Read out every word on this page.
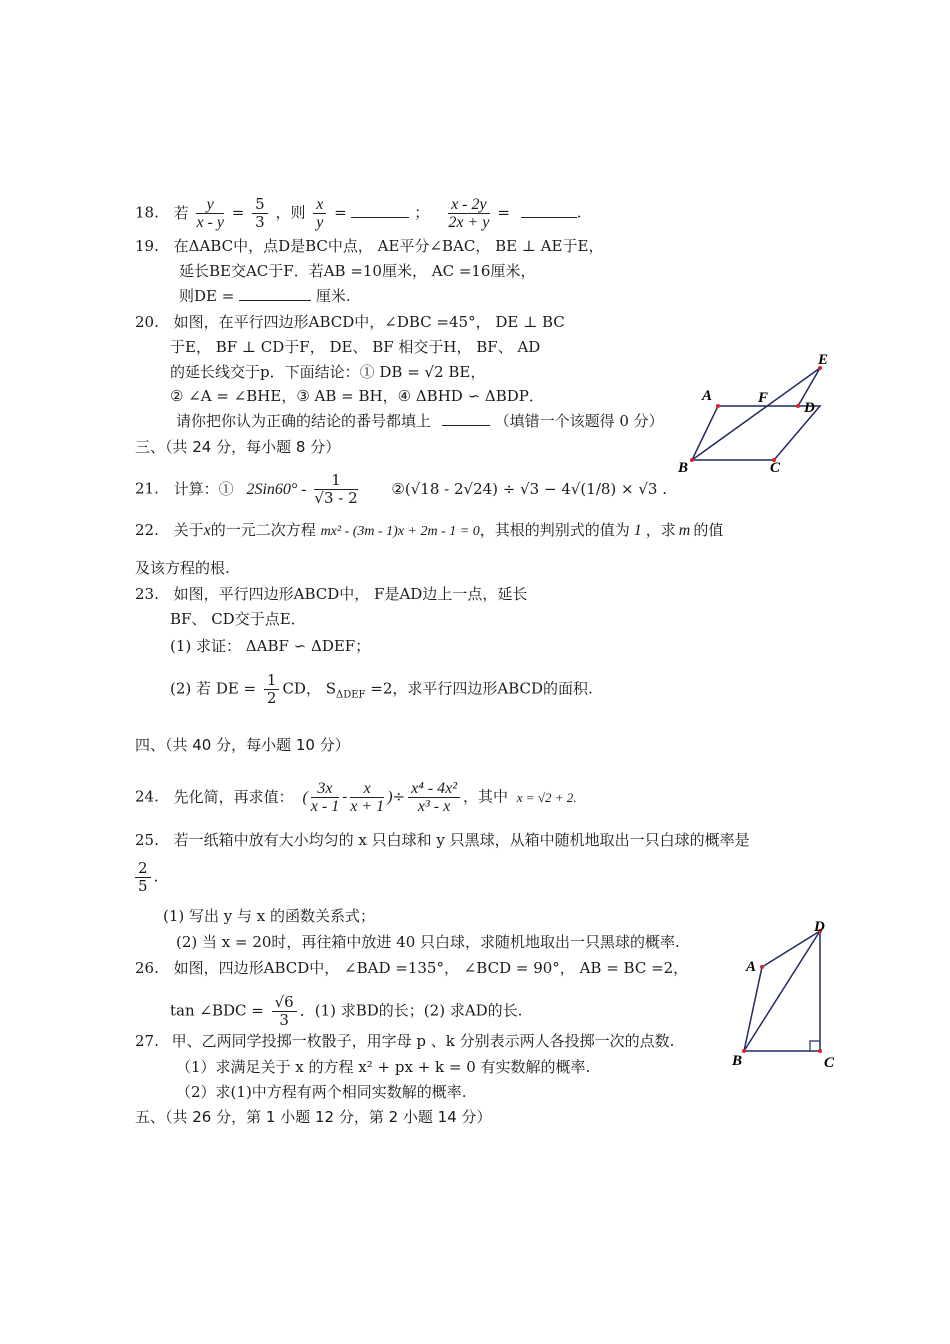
18. 若 $\frac{y}{x - y} = \frac{5}{3}$ ，则 $\frac{x}{y}$ =	； $\frac{x - 2y}{2x + y}$ =	.
19. 在ΔABC中，点D是BC中点， AE平分∠BAC， BE ⊥ AE于E，
延长BE交AC于F．若AB =10厘米， AC =16厘米，
则DE =	厘米.
20. 如图，在平行四边形ABCD中，∠DBC =45°， DE ⊥ BC
于E， BF ⊥ CD于F， DE、 BF 相交于H， BF、 AD
的延长线交于p．下面结论：① DB = √2 BE，
② ∠A = ∠BHE，③ AB = BH，④ ΔBHD ∽ ΔBDP．
请你把你认为正确的结论的番号都填上	（填错一个该题得 0 分）
A	F
D
E
B	C
三、（共 24 分，每小题 8 分）
21. 计算：① $2Sin60^\circ - \frac{1}{√3 - 2}$ ②(√18 - 2√24) ÷ √3 − 4√(1/8) × √3 .
22. 关于x的一元二次方程 mx² - (3m - 1)x + 2m - 1 = 0，其根的判别式的值为 1 ，求 m 的值
及该方程的根.
23. 如图，平行四边形ABCD中， F是AD边上一点，延长
BF、 CD交于点E．
(1) 求证： ΔABF ∽ ΔDEF；
(2) 若 DE = $\frac{1}{2}$ CD， $S_{\Delta DEF} =2$，求平行四边形ABCD的面积.
四、（共 40 分，每小题 10 分）
24. 先化简，再求值： ( $\frac{3x}{x - 1} - \frac{x}{x + 1}$ )÷ $\frac{\text{x⁴ - 4x²}}{\text{x³ - x}}$ ，其中 x = √2 + 2.
25. 若一纸箱中放有大小均匀的 x 只白球和 y 只黑球，从箱中随机地取出一只白球的概率是
$\frac{2}{5}$ .
(1) 写出 y 与 x 的函数关系式；
(2) 当 x = 20时，再往箱中放进 40 只白球，求随机地取出一只黑球的概率.
26. 如图，四边形ABCD中， ∠BAD =135°， ∠BCD = 90°， AB = BC =2，
tan ∠BDC = $\frac{√6}{3}$ ．(1) 求BD的长；(2) 求AD的长.
D
A
B	C
27. 甲、乙两同学投掷一枚骰子，用字母 p 、k 分别表示两人各投掷一次的点数.
（1）求满足关于 x 的方程 x² + px + k = 0 有实数解的概率.
（2）求(1)中方程有两个相同实数解的概率.
五、（共 26 分，第 1 小题 12 分，第 2 小题 14 分）
